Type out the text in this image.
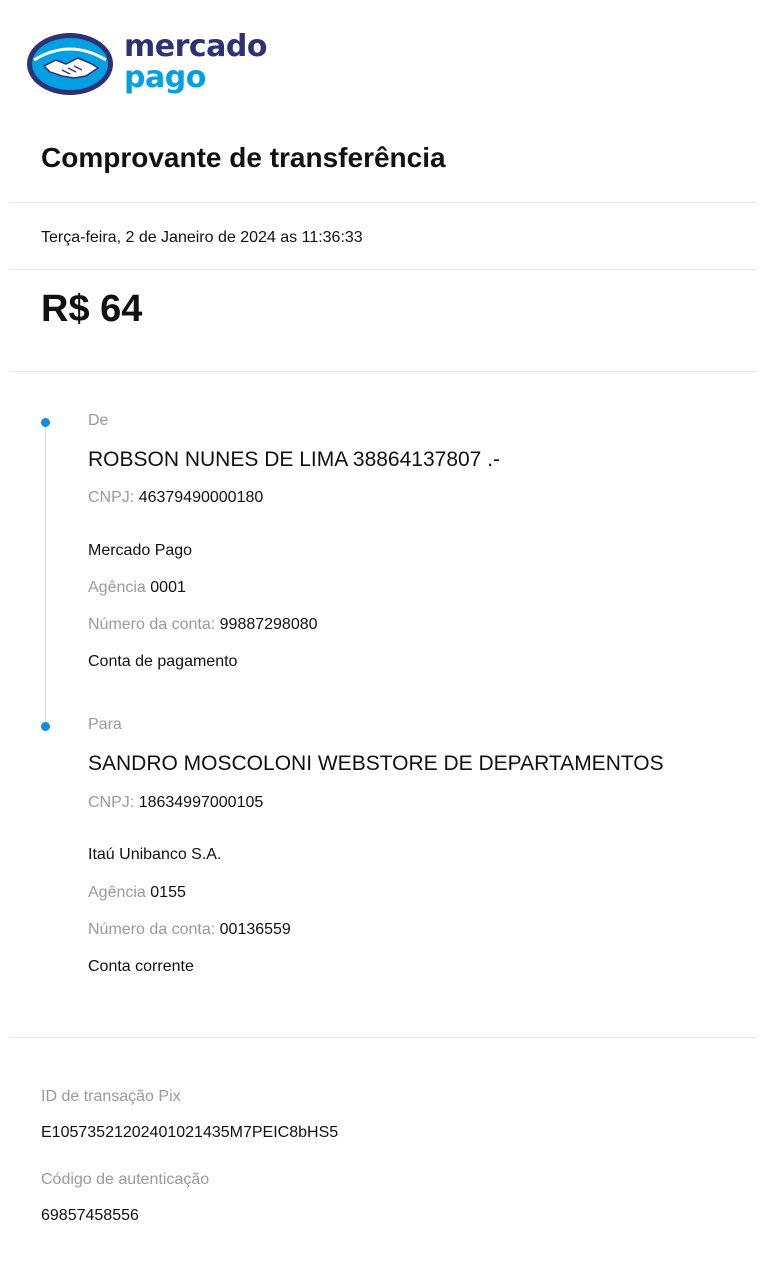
mercado
pago
Comprovante de transferência
Terça-feira, 2 de Janeiro de 2024 as 11:36:33
R$ 64
De
ROBSON NUNES DE LIMA 38864137807 .-
CNPJ: 46379490000180
Mercado Pago
Agência 0001
Número da conta: 99887298080
Conta de pagamento
Para
SANDRO MOSCOLONI WEBSTORE DE DEPARTAMENTOS
CNPJ: 18634997000105
Itaú Unibanco S.A.
Agência 0155
Número da conta: 00136559
Conta corrente
ID de transação Pix
E10573521202401021435M7PEIC8bHS5
Código de autenticação
69857458556
